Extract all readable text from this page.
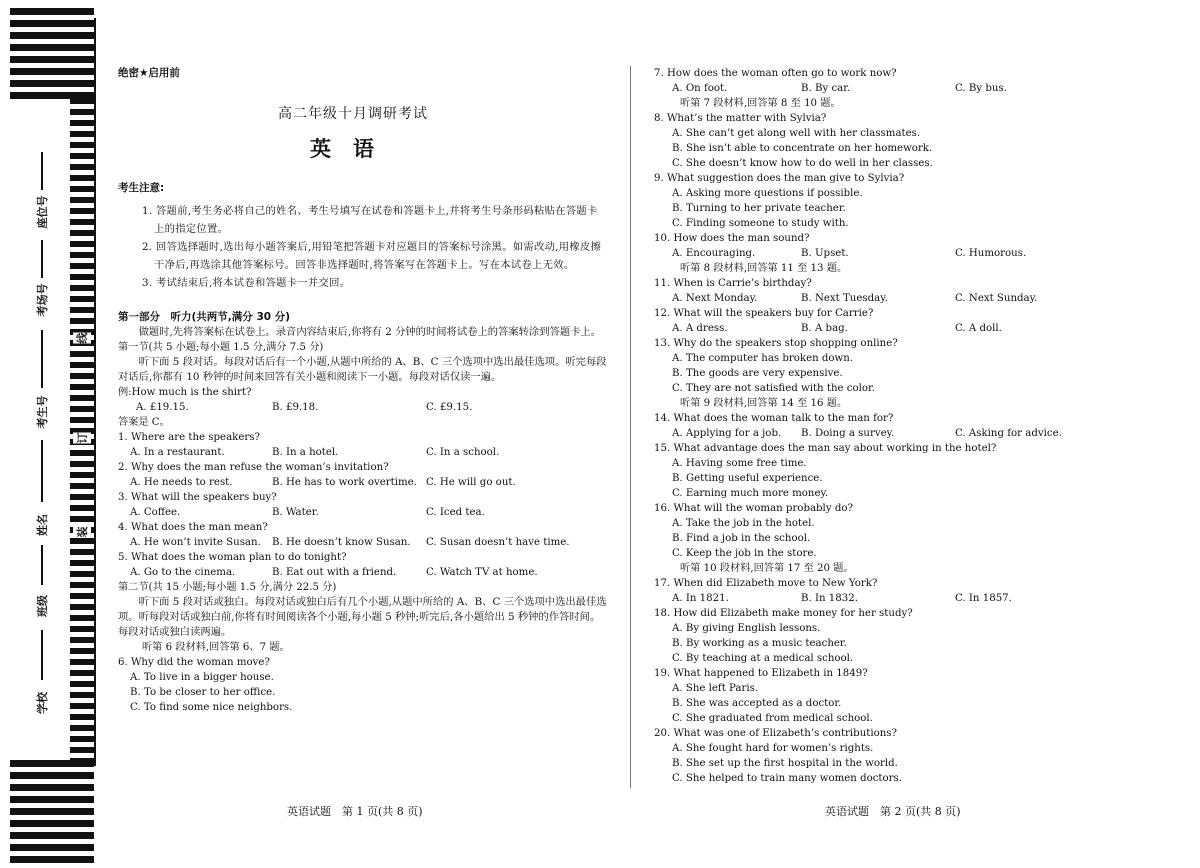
座位号
考场号
考生号
姓名
班级
学校
线
订
装
绝密★启用前
高二年级十月调研考试
英语
考生注意:
1. 答题前,考生务必将自己的姓名、考生号填写在试卷和答题卡上,并将考生号条形码粘贴在答题卡上的指定位置。
2. 回答选择题时,选出每小题答案后,用铅笔把答题卡对应题目的答案标号涂黑。如需改动,用橡皮擦干净后,再选涂其他答案标号。回答非选择题时,将答案写在答题卡上。写在本试卷上无效。
3. 考试结束后,将本试卷和答题卡一并交回。
第一部分　听力(共两节,满分 30 分)
做题时,先将答案标在试卷上。录音内容结束后,你将有 2 分钟的时间将试卷上的答案转涂到答题卡上。
第一节(共 5 小题;每小题 1.5 分,满分 7.5 分)
听下面 5 段对话。每段对话后有一个小题,从题中所给的 A、B、C 三个选项中选出最佳选项。听完每段对话后,你都有 10 秒钟的时间来回答有关小题和阅读下一小题。每段对话仅读一遍。
例:How much is the shirt?
A. £19.15.	B. £9.18.	C. £9.15.
答案是 C。
1. Where are the speakers?
A. In a restaurant.	B. In a hotel.	C. In a school.
2. Why does the man refuse the woman’s invitation?
A. He needs to rest.	B. He has to work overtime. C. He will go out.
3. What will the speakers buy?
A. Coffee.	B. Water.	C. Iced tea.
4. What does the man mean?
A. He won’t invite Susan.	B. He doesn’t know Susan.	C. Susan doesn’t have time.
5. What does the woman plan to do tonight?
A. Go to the cinema.	B. Eat out with a friend.	C. Watch TV at home.
第二节(共 15 小题;每小题 1.5 分,满分 22.5 分)
听下面 5 段对话或独白。每段对话或独白后有几个小题,从题中所给的 A、B、C 三个选项中选出最佳选项。听每段对话或独白前,你将有时间阅读各个小题,每小题 5 秒钟;听完后,各小题给出 5 秒钟的作答时间。每段对话或独白读两遍。
听第 6 段材料,回答第 6、7 题。
6. Why did the woman move?
A. To live in a bigger house.
B. To be closer to her office.
C. To find some nice neighbors.
7. How does the woman often go to work now?
A. On foot.	B. By car.	C. By bus.
听第 7 段材料,回答第 8 至 10 题。
8. What’s the matter with Sylvia?
A. She can’t get along well with her classmates.
B. She isn’t able to concentrate on her homework.
C. She doesn’t know how to do well in her classes.
9. What suggestion does the man give to Sylvia?
A. Asking more questions if possible.
B. Turning to her private teacher.
C. Finding someone to study with.
10. How does the man sound?
A. Encouraging.	B. Upset.	C. Humorous.
听第 8 段材料,回答第 11 至 13 题。
11. When is Carrie’s birthday?
A. Next Monday.	B. Next Tuesday.	C. Next Sunday.
12. What will the speakers buy for Carrie?
A. A dress.	B. A bag.	C. A doll.
13. Why do the speakers stop shopping online?
A. The computer has broken down.
B. The goods are very expensive.
C. They are not satisfied with the color.
听第 9 段材料,回答第 14 至 16 题。
14. What does the woman talk to the man for?
A. Applying for a job.	B. Doing a survey.	C. Asking for advice.
15. What advantage does the man say about working in the hotel?
A. Having some free time.
B. Getting useful experience.
C. Earning much more money.
16. What will the woman probably do?
A. Take the job in the hotel.
B. Find a job in the school.
C. Keep the job in the store.
听第 10 段材料,回答第 17 至 20 题。
17. When did Elizabeth move to New York?
A. In 1821.	B. In 1832.	C. In 1857.
18. How did Elizabeth make money for her study?
A. By giving English lessons.
B. By working as a music teacher.
C. By teaching at a medical school.
19. What happened to Elizabeth in 1849?
A. She left Paris.
B. She was accepted as a doctor.
C. She graduated from medical school.
20. What was one of Elizabeth’s contributions?
A. She fought hard for women’s rights.
B. She set up the first hospital in the world.
C. She helped to train many women doctors.
英语试题　第 1 页(共 8 页)	英语试题　第 2 页(共 8 页)
